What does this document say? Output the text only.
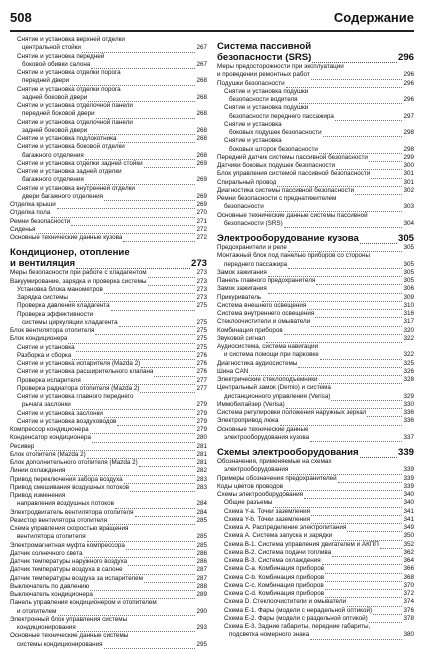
508	Содержание
Снятие и установка верхней отделки
центральной стойки	267
Снятие и установка передней
боковой обивки салона	267
Снятие и установка отделки порога
передней двери	268
Снятие и установка отделки порога
задней боковой двери	268
Снятие и установка отделочной панели
передней боковой двери	268
Снятие и установка отделочной панели
задней боковой двери	268
Снятие и установка подлокотника	268
Снятие и установка боковой отделки
багажного отделения	268
Снятие и установка отделки задней стойки	269
Снятие и установка задней отделки
багажного отделения	269
Снятие и установка внутренней отделки
двери багажного отделения	269
Отделка крыши	269
Отделка пола	270
Ремни безопасности	271
Сиденья	272
Основные технические данные кузова	272
Кондиционер, отопление
и вентиляция	273
Меры безопасности при работе с хладагентом	273
Вакуумирование, зарядка и проверка системы	273
Установка блока манометров	273
Зарядка системы	273
Проверка давления хладагента	275
Проверка эффективности
системы циркуляции хладагента	275
Блок вентилятора отопителя	275
Блок кондиционера	275
Снятие и установка	275
Разборка и сборка	276
Снятие и установка испарителя (Mazda 2)	276
Снятие и установка расширительного клапана	276
Проверка испарителя	277
Проверка радиатора отопителя (Mazda 2)	277
Снятие и установка главного переднего
рычага заслонки	279
Снятие и установка заслонки	279
Снятие и установка воздуховодов	279
Компрессор кондиционера	279
Конденсатор кондиционера	280
Ресивер	281
Блок отопителя (Mazda 2)	281
Блок дополнительного отопителя (Mazda 2)	281
Линии охлаждения	282
Привод переключения забора воздуха	283
Привод смешивания воздушных потоков	283
Привод изменения
направления воздушных потоков	284
Электродвигатель вентилятора отопителя	284
Резистор вентилятора отопителя	285
Схема управления скоростью вращения
вентилятора отопителя	285
Электромагнитная муфта компрессора	285
Датчик солнечного света	286
Датчик температуры наружного воздуха	286
Датчик температуры воздуха в салоне	287
Датчик температуры воздуха за испарителем	287
Выключатель по давлению	288
Выключатель кондиционера	289
Панель управления кондиционером и отопителем
и отопителем	290
Электронный блок управления системы
кондиционирования	293
Основные технические данные системы
системы кондиционирования	295
Система пассивной
безопасности (SRS)	296
Меры предосторожности при эксплуатации
и проведении ремонтных работ	296
Подушки безопасности	296
Снятие и установка подушки
безопасности водителя	296
Снятие и установка подушки
безопасности переднего пассажира	297
Снятие и установка
боковых подушек безопасности	298
Снятие и установка
боковых шторок безопасности	298
Передний датчик системы пассивной безопасности	299
Датчики боковых подушек безопасности	300
Блок управления системой пассивной безопасности	301
Спиральный провод	301
Диагностика системы пассивной безопасности	302
Ремни безопасности с преднатяжителем
безопасности	303
Основные технические данные системы пассивной
безопасности (SRS)	304
Электрооборудование кузова	305
Предохранители и реле	305
Монтажный блок под панелью приборов со стороны
переднего пассажира	305
Замок зажигания	305
Панель главного предохранителя	305
Замок зажигания	306
Прикуриватель	309
Система внешнего освещения	310
Система внутреннего освещения	316
Стеклоочистители и омыватели	317
Комбинация приборов	320
Звуковой сигнал	322
Аудиосистема, система навигации
и система помощи при парковке	322
Диагностика аудиосистемы	325
Шина CAN	326
Электрические стеклоподъемники	328
Центральный замок (Demio) и система
дистанционного управления (Verisa)	329
Иммобилайзер (Verisa)	330
Система регулировки положения наружных зеркал	336
Электропривод люка	336
Основные технические данные
электрооборудования кузова	337
Схемы электрооборудования	339
Обозначения, применяемые на схемах
электрооборудования	339
Примеры обозначения предохранителей	339
Коды цветов проводов	339
Схемы электрооборудования	340
Общие разъемы	340
Схема Y-a. Точки заземления	341
Схема Y-b. Точки заземления	341
Схема A. Распределение электропитания	349
Схема A. Система запуска и зарядки	350
Схема B-1. Система управления двигателем и АКПП	352
Схема B-2. Система подачи топлива	362
Схема B-3. Система охлаждения	364
Схема C-a. Комбинация приборов	366
Схема C-b. Комбинация приборов	368
Схема C-c. Комбинация приборов	370
Схема C-d. Комбинация приборов	372
Схема D. Стеклоочистители и омыватели	374
Схема E-1. Фары (модели с нерадельной оптикой)	376
Схема E-2. Фары (модели с раздельной оптикой)	378
Схема E-3. Задние габариты, передние габариты,
подсветка номерного знака	380
